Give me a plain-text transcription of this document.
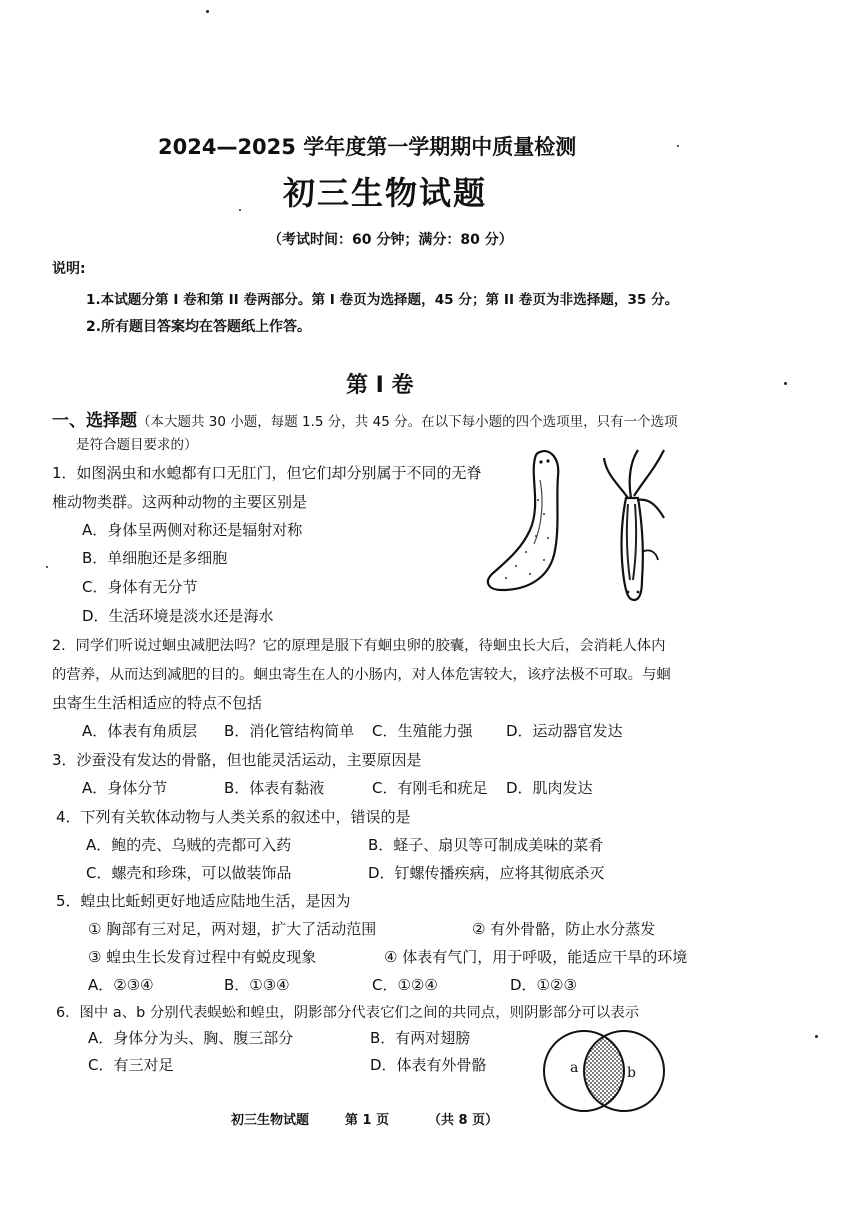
2024—2025 学年度第一学期期中质量检测
初三生物试题
（考试时间：60 分钟；满分：80 分）
说明:
1.本试题分第 I 卷和第 II 卷两部分。第 I 卷页为选择题，45 分；第 II 卷页为非选择题，35 分。
2.所有题目答案均在答题纸上作答。
第 I 卷
一、选择题（本大题共 30 小题，每题 1.5 分，共 45 分。在以下每小题的四个选项里，只有一个选项
是符合题目要求的）
1．如图涡虫和水螅都有口无肛门，但它们却分别属于不同的无脊
椎动物类群。这两种动物的主要区别是
A．身体呈两侧对称还是辐射对称
B．单细胞还是多细胞
C．身体有无分节
D．生活环境是淡水还是海水
2．同学们听说过蛔虫减肥法吗？它的原理是服下有蛔虫卵的胶囊，待蛔虫长大后，会消耗人体内
的营养，从而达到减肥的目的。蛔虫寄生在人的小肠内，对人体危害较大，该疗法极不可取。与蛔
虫寄生生活相适应的特点不包括
A．体表有角质层 B．消化管结构简单 C．生殖能力强 D．运动器官发达
3．沙蚕没有发达的骨骼，但也能灵活运动，主要原因是
A．身体分节	B．体表有黏液	C．有刚毛和疣足 D．肌肉发达
4．下列有关软体动物与人类关系的叙述中，错误的是
A．鲍的壳、乌贼的壳都可入药	B．蛏子、扇贝等可制成美味的菜肴
C．螺壳和珍珠，可以做装饰品	D．钉螺传播疾病，应将其彻底杀灭
5．蝗虫比蚯蚓更好地适应陆地生活，是因为
① 胸部有三对足，两对翅，扩大了活动范围	② 有外骨骼，防止水分蒸发
③ 蝗虫生长发育过程中有蜕皮现象	④ 体表有气门，用于呼吸，能适应干旱的环境
A．②③④	B．①③④	C．①②④	D．①②③
6．图中 a、b 分别代表蜈蚣和蝗虫，阴影部分代表它们之间的共同点，则阴影部分可以表示
A．身体分为头、胸、腹三部分	B．有两对翅膀
C．有三对足	D．体表有外骨骼	a	b
初三生物试题	第 1 页	（共 8 页）
